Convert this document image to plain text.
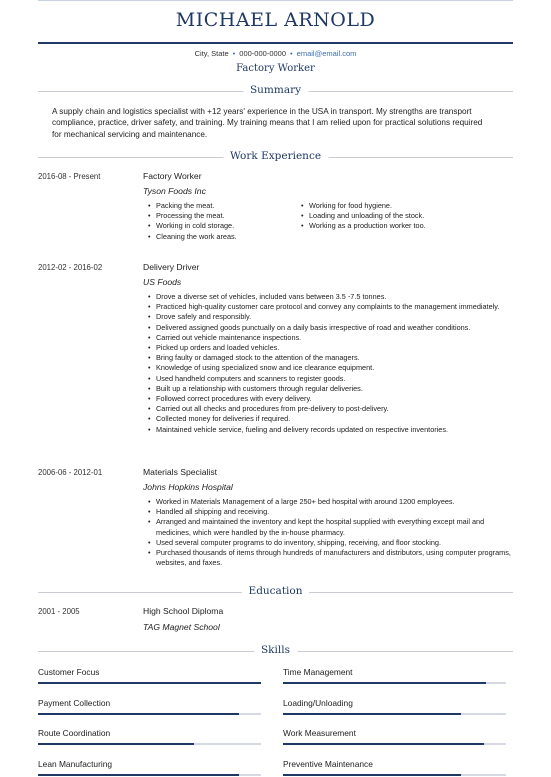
MICHAEL ARNOLD
City, State • 000-000-0000 • email@email.com
Factory Worker
Summary
A supply chain and logistics specialist with +12 years' experience in the USA in transport. My strengths are transport compliance, practice, driver safety, and training. My training means that I am relied upon for practical solutions required for mechanical servicing and maintenance.
Work Experience
2016-08 - Present	Factory Worker
Tyson Foods Inc
• Packing the meat.
• Processing the meat.
• Working in cold storage.
• Cleaning the work areas.
• Working for food hygiene.
• Loading and unloading of the stock.
• Working as a production worker too.
2012-02 - 2016-02	Delivery Driver
US Foods
• Drove a diverse set of vehicles, included vans between 3.5 -7.5 tonnes.
• Practiced high-quality customer care protocol and convey any complaints to the management immediately.
• Drove safely and responsibly.
• Delivered assigned goods punctually on a daily basis irrespective of road and weather conditions.
• Carried out vehicle maintenance inspections.
• Picked up orders and loaded vehicles.
• Bring faulty or damaged stock to the attention of the managers.
• Knowledge of using specialized snow and ice clearance equipment.
• Used handheld computers and scanners to register goods.
• Built up a relationship with customers through regular deliveries.
• Followed correct procedures with every delivery.
• Carried out all checks and procedures from pre-delivery to post-delivery.
• Collected money for deliveries if required.
• Maintained vehicle service, fueling and delivery records updated on respective inventories.
2006-06 - 2012-01	Materials Specialist
Johns Hopkins Hospital
• Worked in Materials Management of a large 250+ bed hospital with around 1200 employees.
• Handled all shipping and receiving.
• Arranged and maintained the inventory and kept the hospital supplied with everything except mail and medicines, which were handled by the in-house pharmacy.
• Used several computer programs to do inventory, shipping, receiving, and floor stocking.
• Purchased thousands of items through hundreds of manufacturers and distributors, using computer programs, websites, and faxes.
Education
2001 - 2005	High School Diploma
TAG Magnet School
Skills
Customer Focus	Time Management
Payment Collection	Loading/Unloading
Route Coordination	Work Measurement
Lean Manufacturing	Preventive Maintenance
